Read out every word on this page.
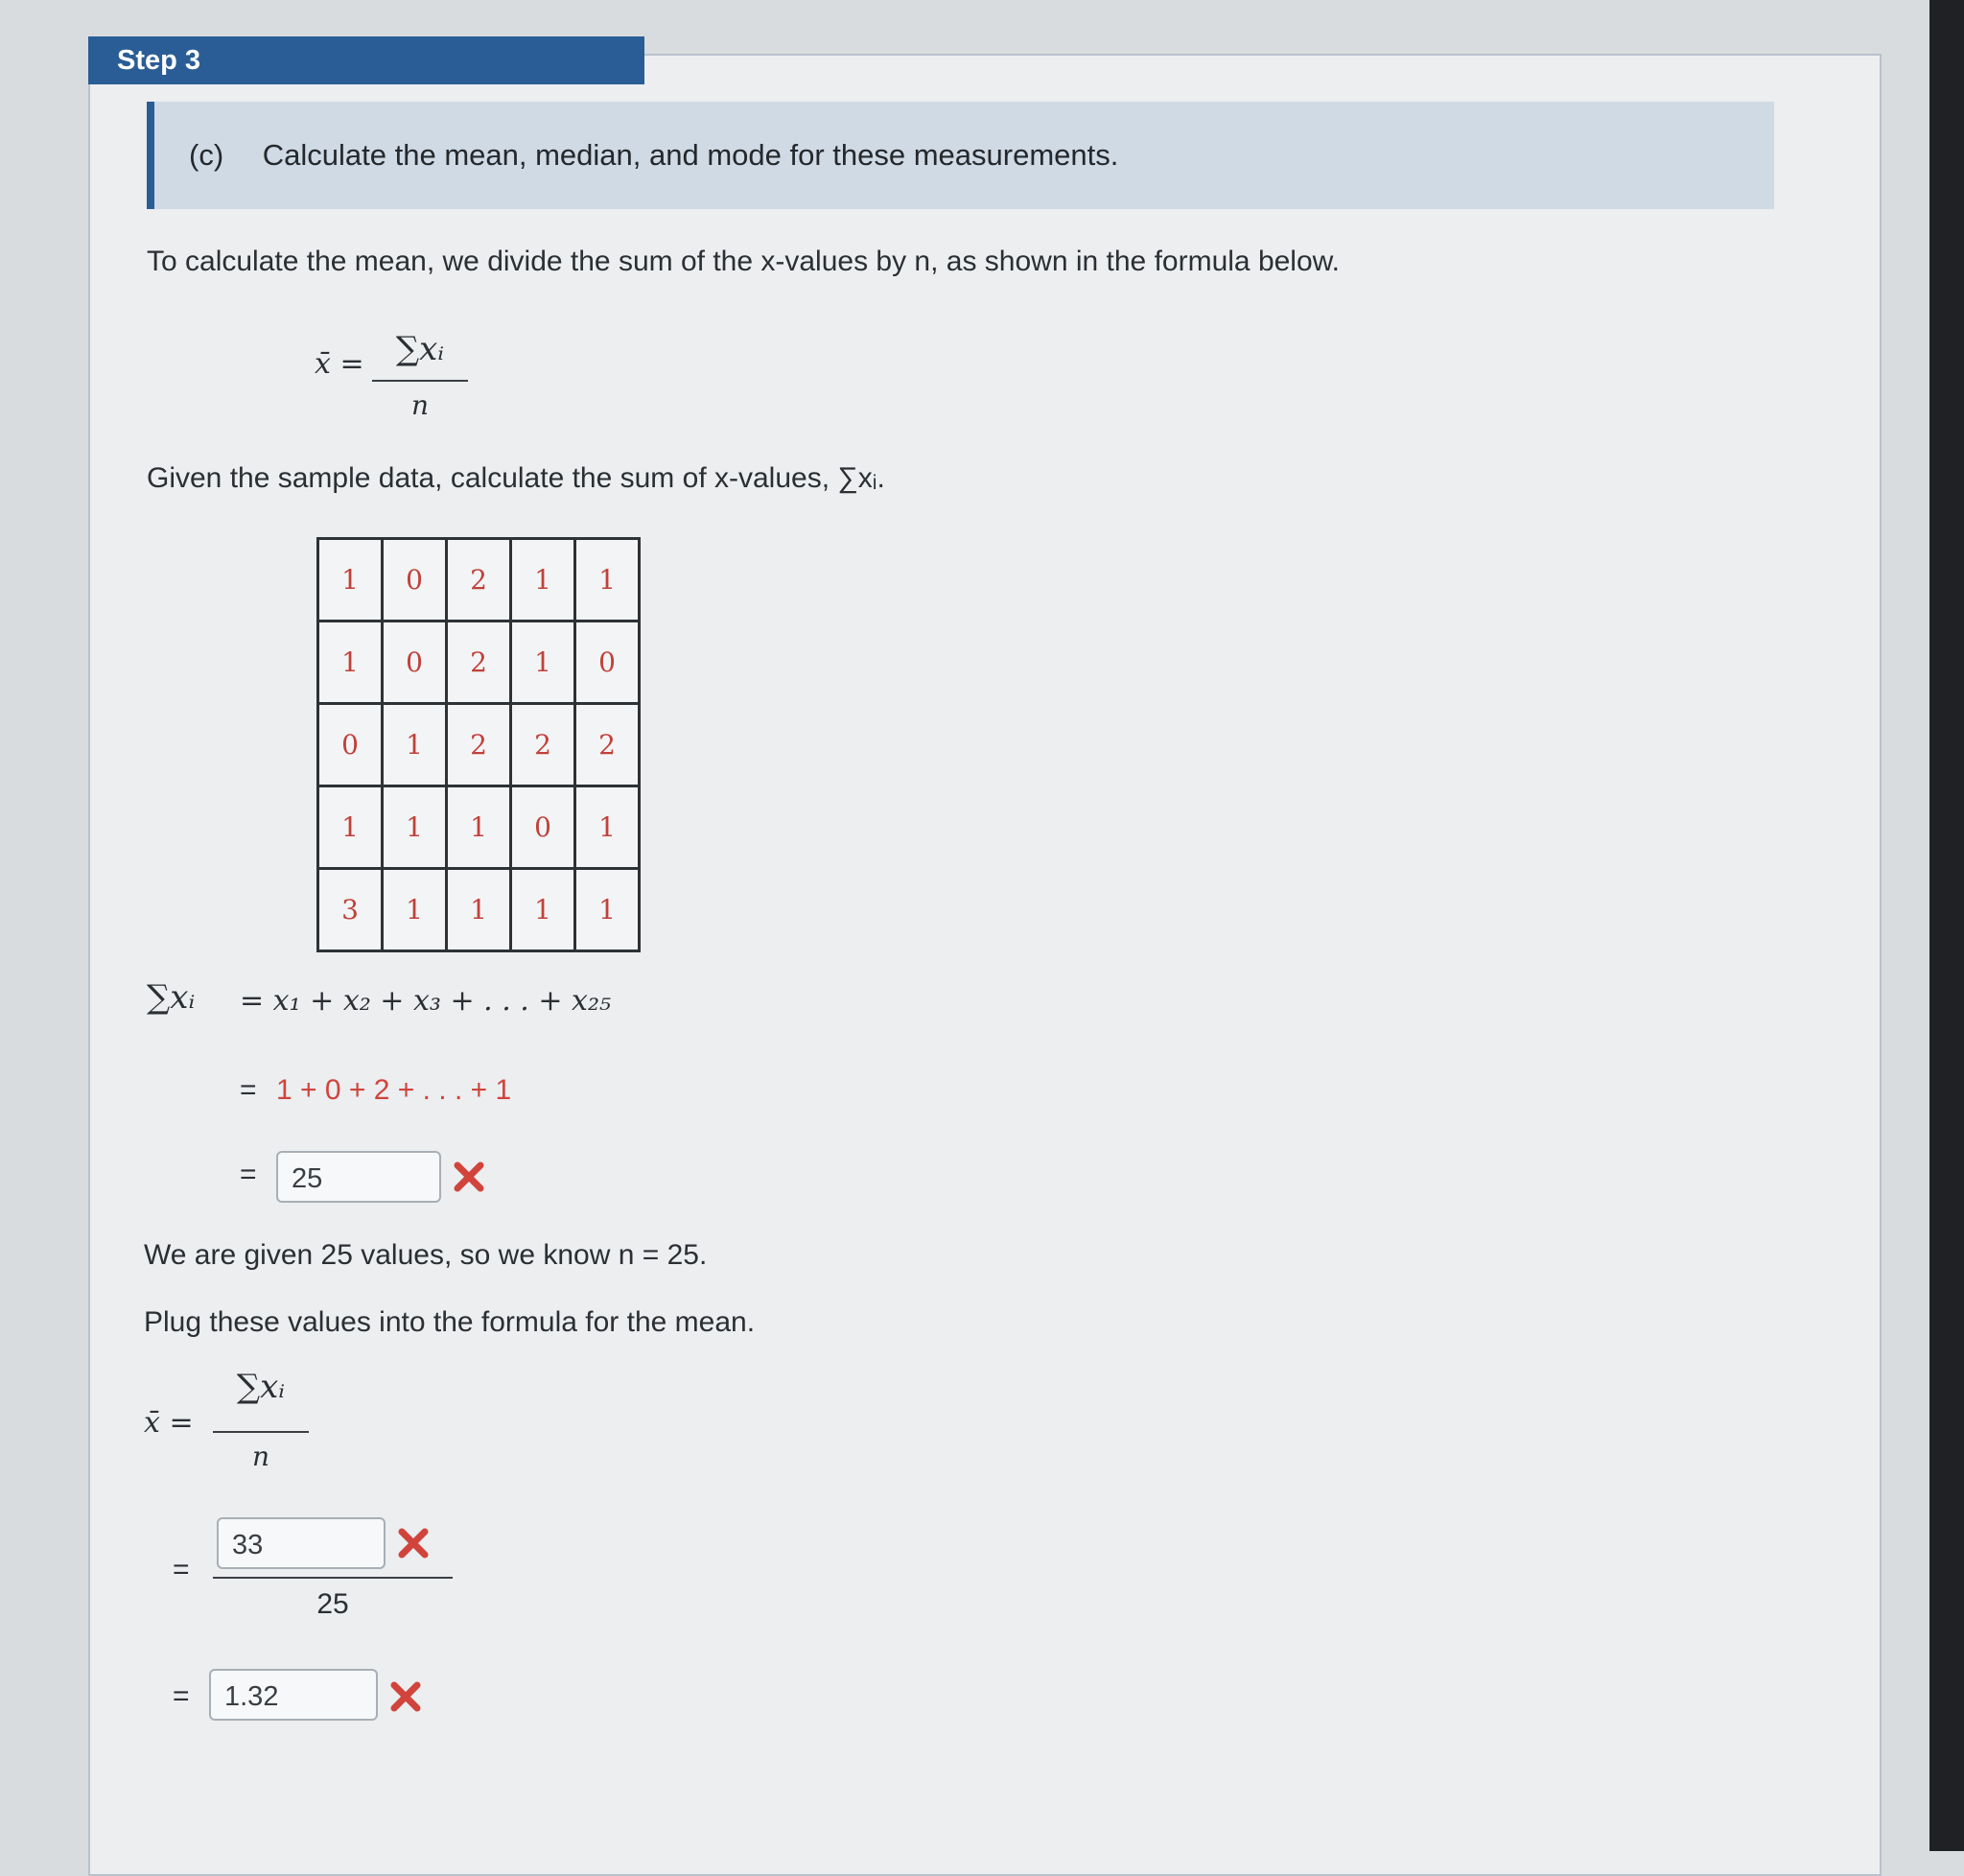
Step 3
(c) Calculate the mean, median, and mode for these measurements.
To calculate the mean, we divide the sum of the x-values by n, as shown in the formula below.
x̄ = ∑xᵢ
n
Given the sample data, calculate the sum of x-values, ∑xᵢ.
1	0	2	1	1
1	0	2	1	0
0	1	2	2	2
1	1	1	0	1
3	1	1	1	1
∑xᵢ = x₁ + x₂ + x₃ + . . . + x₂₅
= 1 + 0 + 2 + . . . + 1
=	25
We are given 25 values, so we know n = 25.
Plug these values into the formula for the mean.
x̄ =
∑xᵢ
n
=
33
25
=	1.32
